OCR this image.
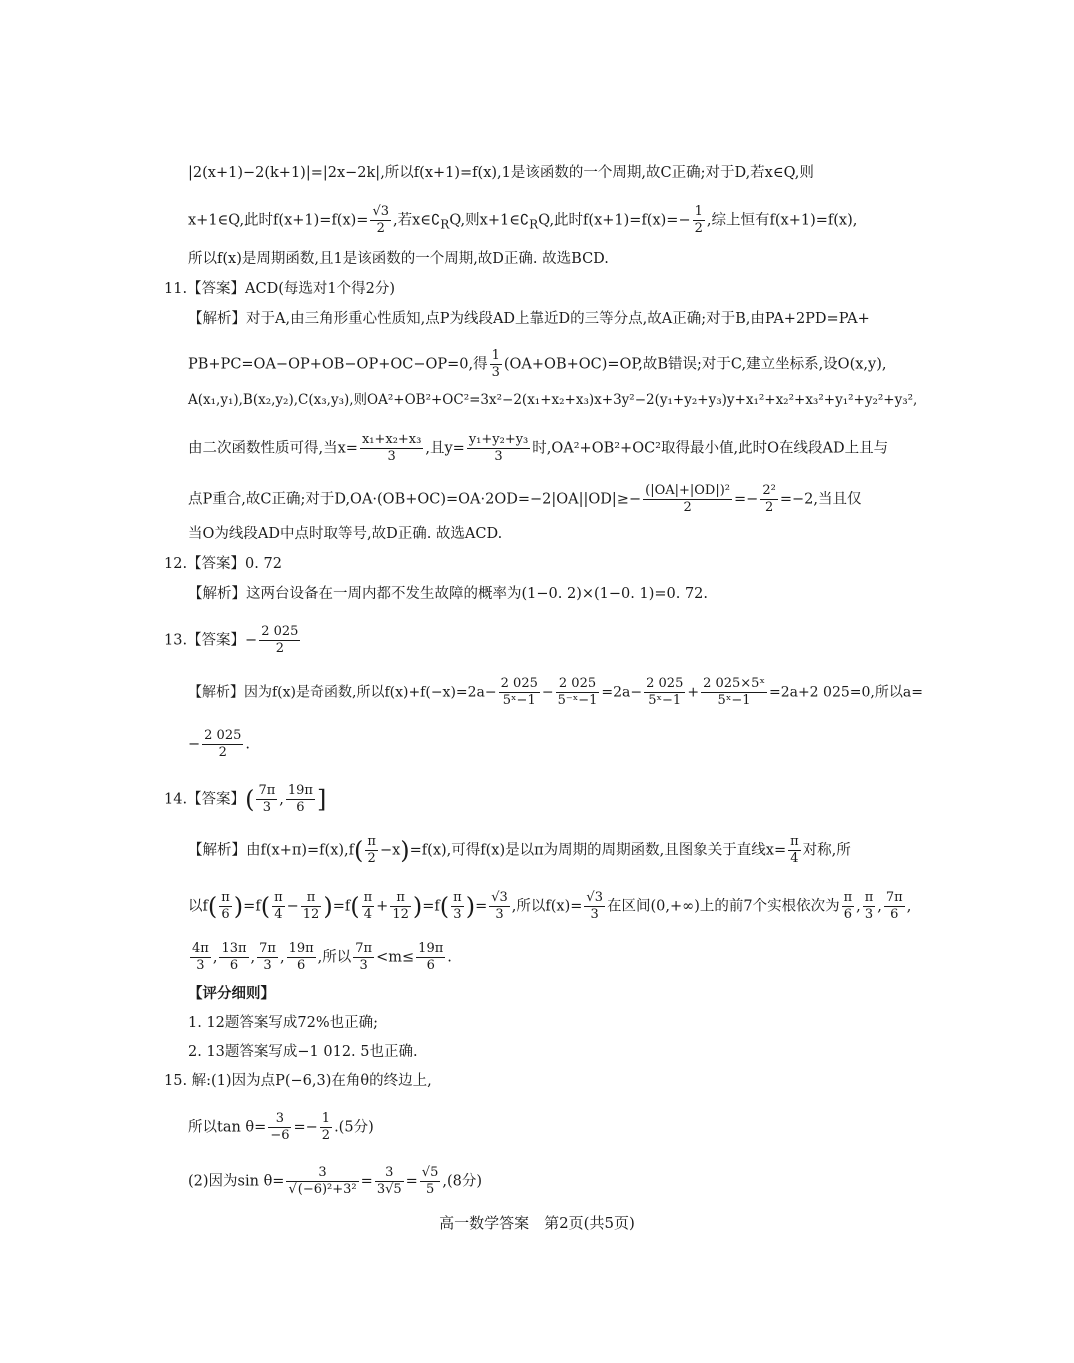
|2(x+1)−2(k+1)|=|2x−2k|,所以f(x+1)=f(x),1是该函数的一个周期,故C正确;对于D,若x∈Q,则
x+1∈Q,此时$f(x+1)=f(x)= \frac{√3}{2}$ ,若$x\in∁_RQ$,则$x+1\in∁_RQ$,此时$f(x+1)=f(x)=- \frac{1}{2}$ ,综上恒有f(x+1)=f(x),
所以f(x)是周期函数,且1是该函数的一个周期,故D正确. 故选BCD.
11.【答案】ACD(每选对1个得2分)
【解析】对于A,由三角形重心性质知,点P为线段AD上靠近D的三等分点,故A正确;对于B,由PA+2PD=PA+
PB+PC=OA−OP+OB−OP+OC−OP=0,得 $\frac{1}{3} (OA+OB+OC)=OP$,故B错误;对于C,建立坐标系,设O(x,y),
A(x₁,y₁),B(x₂,y₂),C(x₃,y₃),则OA²+OB²+OC²=3x²−2(x₁+x₂+x₃)x+3y²−2(y₁+y₂+y₃)y+x₁²+x₂²+x₃²+y₁²+y₂²+y₃²,
由二次函数性质可得,当$x= \frac{\text{x₁+x₂+x₃}}{3}$ ,且$y= \frac{\text{y₁+y₂+y₃}}{3}$ 时,OA²+OB²+OC²取得最小值,此时O在线段AD上且与
点P重合,故C正确;对于$D,OA\cdot(OB+OC)=OA\cdot 2OD=-2|OA||OD|\ge- \frac{\text{(|OA|+|OD|)²}}{2} =- \frac{\text{2²}}{2} =-2$,当且仅
当O为线段AD中点时取等号,故D正确. 故选ACD.
12.【答案】0. 72
【解析】这两台设备在一周内都不发生故障的概率为(1−0. 2)×(1−0. 1)=0. 72.
13.【答案】− $\frac{2 025}{2}$
【解析】因为f(x)是奇函数,所以$f(x)+f(-x)=2a- \frac{2 025}{\text{5ˣ−1}} - \frac{2 025}{\text{5⁻ˣ−1}} =2a- \frac{2 025}{\text{5ˣ−1}} + \frac{\text{2 025×5ˣ}}{\text{5ˣ−1}} =2a+2$ 025=0,所以a=
− $\frac{2 025}{2}$ .
14.【答案】( $\frac{7\pi}{3}$ , $\frac{19\pi}{6}$ ]
【解析】由$f(x+\pi)=f(x),f( \frac{\pi}{2} -x)=f(x)$,可得f(x)是以π为周期的周期函数,且图象关于直线$x= \frac{\pi}{4}$ 对称,所
以$f( \frac{\pi}{6} )=f( \frac{\pi}{4} - \frac{\pi}{12} )=f( \frac{\pi}{4} + \frac{\pi}{12} )=f( \frac{\pi}{3}$ )= $\frac{√3}{3}$ ,所以$f(x)= \frac{√3}{3}$ 在区间(0,+∞)上的前7个实根依次为 $\frac{\pi}{6}$ , $\frac{\pi}{3}$ , $\frac{7\pi}{6}$ ,
$\frac{4\pi}{3}$ , $\frac{13\pi}{6}$ , $\frac{7\pi}{3}$ , $\frac{19\pi}{6}$ ,所以 $\frac{7\pi}{3} <m\le \frac{19\pi}{6}$ .
【评分细则】
1. 12题答案写成72%也正确;
2. 13题答案写成−1 012. 5也正确.
15. 解:(1)因为点P(−6,3)在角θ的终边上,
所以$\tan \theta= \frac{3}{-6} =- \frac{1}{2} .(5$分)
(2)因为$\sin \theta= \frac{3}{\text{√(−6)²+3²}} = \frac{3}{3√5} = \frac{√5}{5} ,(8$分)
高一数学答案　第2页(共5页)
